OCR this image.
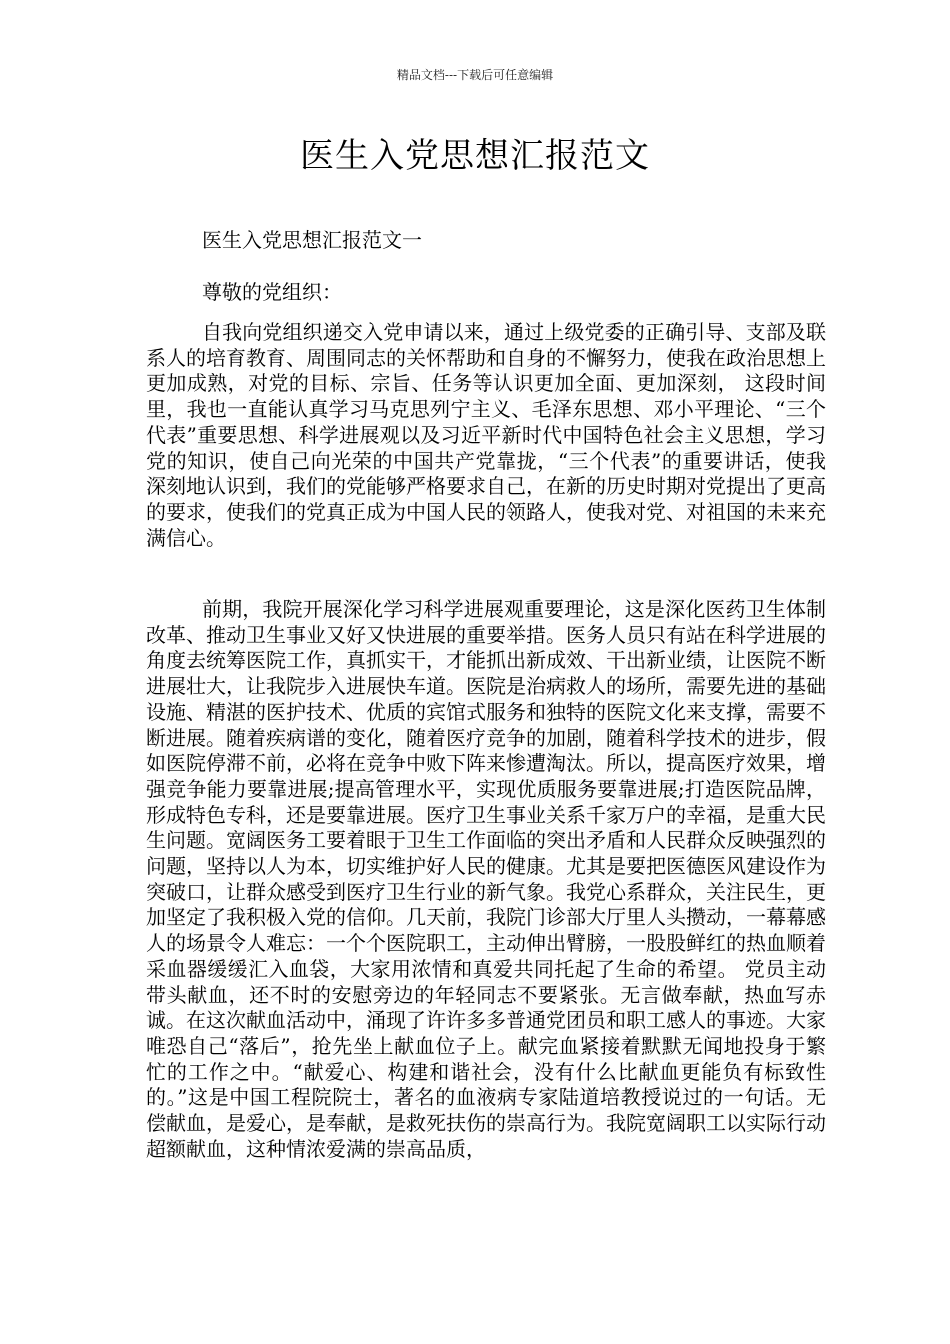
精品文档---下载后可任意编辑
医生入党思想汇报范文
医生入党思想汇报范文一
尊敬的党组织：

自我向党组织递交入党申请以来，通过上级党委的正确引导、支部及联系人的培育教育、周围同志的关怀帮助和自身的不懈努力，使我在政治思想上更加成熟，对党的目标、宗旨、任务等认识更加全面、更加深刻， 这段时间里，我也一直能认真学习马克思列宁主义、毛泽东思想、邓小平理论、“三个代表”重要思想、科学进展观以及习近平新时代中国特色社会主义思想，学习党的知识，使自己向光荣的中国共产党靠拢，“三个代表”的重要讲话，使我深刻地认识到，我们的党能够严格要求自己，在新的历史时期对党提出了更高的要求，使我们的党真正成为中国人民的领路人，使我对党、对祖国的未来充满信心。

前期，我院开展深化学习科学进展观重要理论，这是深化医药卫生体制改革、推动卫生事业又好又快进展的重要举措。医务人员只有站在科学进展的角度去统筹医院工作，真抓实干，才能抓出新成效、干出新业绩，让医院不断进展壮大，让我院步入进展快车道。医院是治病救人的场所，需要先进的基础设施、精湛的医护技术、优质的宾馆式服务和独特的医院文化来支撑，需要不断进展。随着疾病谱的变化，随着医疗竞争的加剧，随着科学技术的进步，假如医院停滞不前，必将在竞争中败下阵来惨遭淘汰。所以，提高医疗效果，增强竞争能力要靠进展;提高管理水平，实现优质服务要靠进展;打造医院品牌，形成特色专科，还是要靠进展。医疗卫生事业关系千家万户的幸福，是重大民生问题。宽阔医务工要着眼于卫生工作面临的突出矛盾和人民群众反映强烈的问题，坚持以人为本，切实维护好人民的健康。尤其是要把医德医风建设作为突破口，让群众感受到医疗卫生行业的新气象。我党心系群众，关注民生，更加坚定了我积极入党的信仰。几天前，我院门诊部大厅里人头攒动，一幕幕感人的场景令人难忘：一个个医院职工，主动伸出臂膀，一股股鲜红的热血顺着采血器缓缓汇入血袋，大家用浓情和真爱共同托起了生命的希望。 党员主动带头献血，还不时的安慰旁边的年轻同志不要紧张。无言做奉献，热血写赤诚。在这次献血活动中，涌现了许许多多普通党团员和职工感人的事迹。大家唯恐自己“落后”，抢先坐上献血位子上。献完血紧接着默默无闻地投身于繁忙的工作之中。“献爱心、构建和谐社会，没有什么比献血更能负有标致性的。”这是中国工程院院士，著名的血液病专家陆道培教授说过的一句话。无偿献血，是爱心，是奉献，是救死扶伤的崇高行为。我院宽阔职工以实际行动超额献血，这种情浓爱满的崇高品质，
